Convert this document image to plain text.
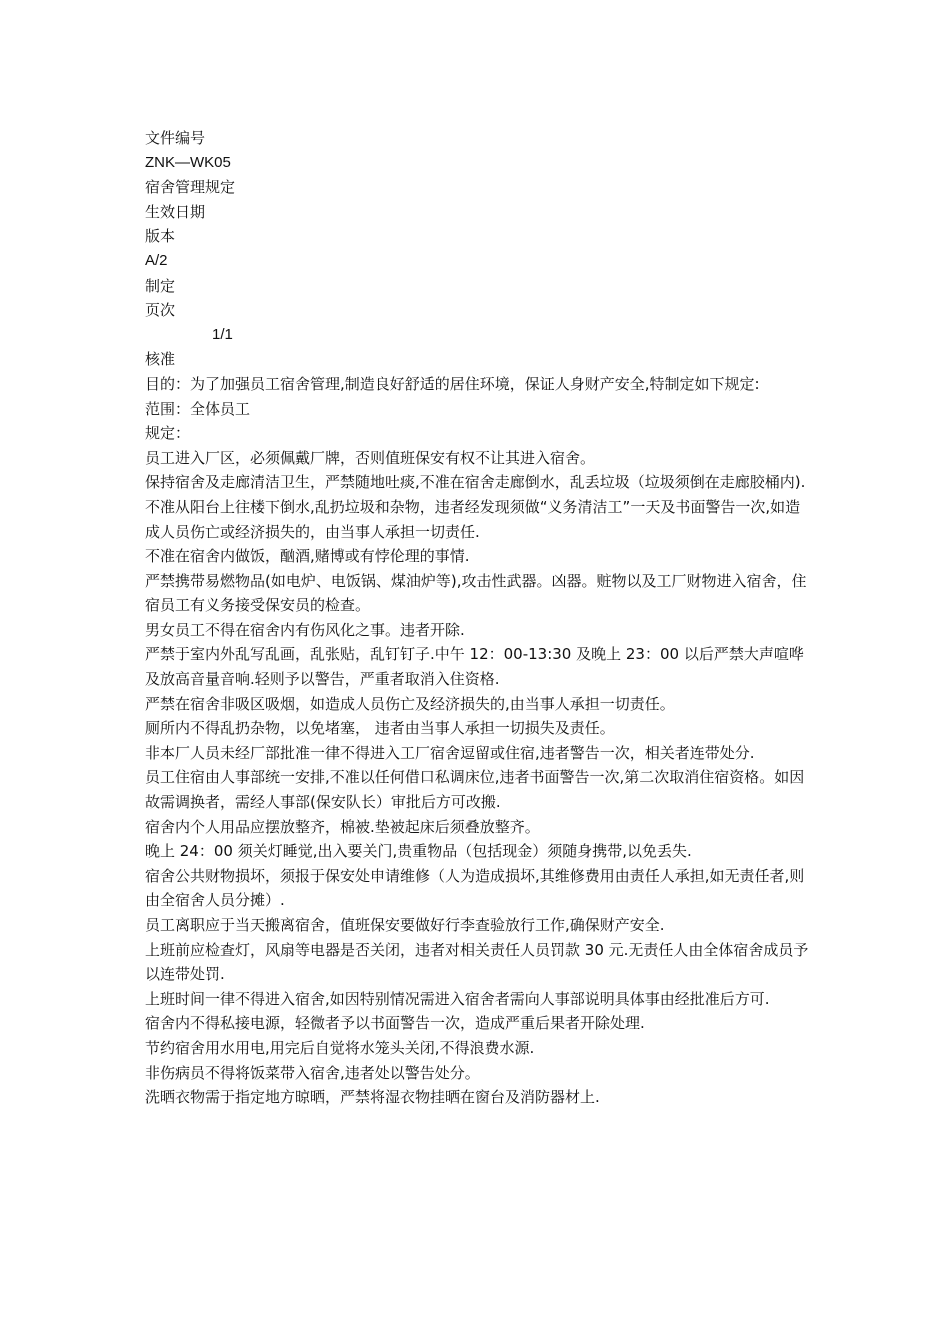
文件编号

ZNK—WK05

宿舍管理规定

生效日期

版本

A/2

制定

页次

1/1

核准

目的：为了加强员工宿舍管理,制造良好舒适的居住环境，保证人身财产安全,特制定如下规定:

范围：全体员工

规定：

员工进入厂区，必须佩戴厂牌，否则值班保安有权不让其进入宿舍。

保持宿舍及走廊清洁卫生，严禁随地吐痰,不准在宿舍走廊倒水，乱丢垃圾（垃圾须倒在走廊胶桶内).

不准从阳台上往楼下倒水,乱扔垃圾和杂物，违者经发现须做“义务清洁工”一天及书面警告一次,如造成人员伤亡或经济损失的，由当事人承担一切责任.

不准在宿舍内做饭，酗酒,赌博或有悖伦理的事情.

严禁携带易燃物品(如电炉、电饭锅、煤油炉等),攻击性武器。凶器。赃物以及工厂财物进入宿舍，住宿员工有义务接受保安员的检查。

男女员工不得在宿舍内有伤风化之事。违者开除.

严禁于室内外乱写乱画，乱张贴，乱钉钉子.中午 12：00-13:30 及晚上 23：00 以后严禁大声喧哗及放高音量音响.轻则予以警告，严重者取消入住资格.

严禁在宿舍非吸区吸烟，如造成人员伤亡及经济损失的,由当事人承担一切责任。

厕所内不得乱扔杂物，以免堵塞， 违者由当事人承担一切损失及责任。

非本厂人员未经厂部批准一律不得进入工厂宿舍逗留或住宿,违者警告一次，相关者连带处分.

员工住宿由人事部统一安排,不准以任何借口私调床位,违者书面警告一次,第二次取消住宿资格。如因故需调换者，需经人事部(保安队长）审批后方可改搬.

宿舍内个人用品应摆放整齐，棉被.垫被起床后须叠放整齐。

晚上 24：00 须关灯睡觉,出入要关门,贵重物品（包括现金）须随身携带,以免丢失.

宿舍公共财物损坏，须报于保安处申请维修（人为造成损坏,其维修费用由责任人承担,如无责任者,则由全宿舍人员分摊）.

员工离职应于当天搬离宿舍，值班保安要做好行李查验放行工作,确保财产安全.

上班前应检查灯，风扇等电器是否关闭，违者对相关责任人员罚款 30 元.无责任人由全体宿舍成员予以连带处罚.

上班时间一律不得进入宿舍,如因特别情况需进入宿舍者需向人事部说明具体事由经批准后方可.

宿舍内不得私接电源，轻微者予以书面警告一次，造成严重后果者开除处理.

节约宿舍用水用电,用完后自觉将水笼头关闭,不得浪费水源.

非伤病员不得将饭菜带入宿舍,违者处以警告处分。

洗晒衣物需于指定地方晾晒，严禁将湿衣物挂晒在窗台及消防器材上.
